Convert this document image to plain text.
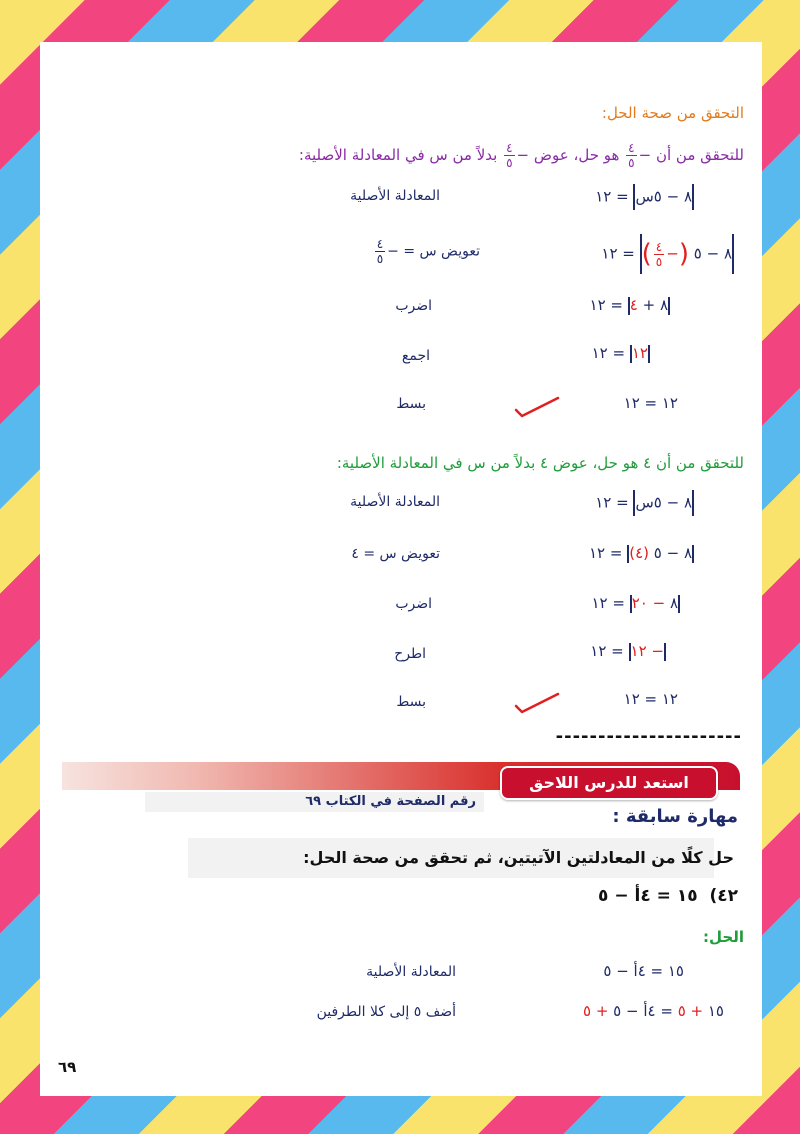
التحقق من صحة الحل:
للتحقق من أن −
$\frac{٤}{٥}$
هو حل، عوض −
$\frac{٤}{٥}$
بدلاً من س في المعادلة الأصلية:
٨ − ٥س = ١٢
المعادلة الأصلية
٨ − ٥ (−
$\frac{٤}{٥}$
) = ١٢
تعويض س = −
$\frac{٤}{٥}$
٨ + ٤ = ١٢
اضرب
١٢ = ١٢
اجمع
١٢ = ١٢
بسط
للتحقق من أن ٤ هو حل، عوض ٤ بدلاً من س في المعادلة الأصلية:
٨ − ٥س = ١٢
المعادلة الأصلية
٨ − ٥ (٤) = ١٢
تعويض س = ٤
٨ − ٢٠ = ١٢
اضرب
− ١٢ = ١٢
اطرح
١٢ = ١٢
بسط
----------------------
استعد للدرس اللاحق
رقم الصفحة في الكتاب ٦٩
مهارة سابقة :
حل كلًا من المعادلتين الآتيتين، ثم تحقق من صحة الحل:
٤٢)  ١٥ = ٤أ − ٥
الحل:
١٥ = ٤أ − ٥
المعادلة الأصلية
١٥ + ٥ = ٤أ − ٥ + ٥
أضف ٥ إلى كلا الطرفين
٦٩
